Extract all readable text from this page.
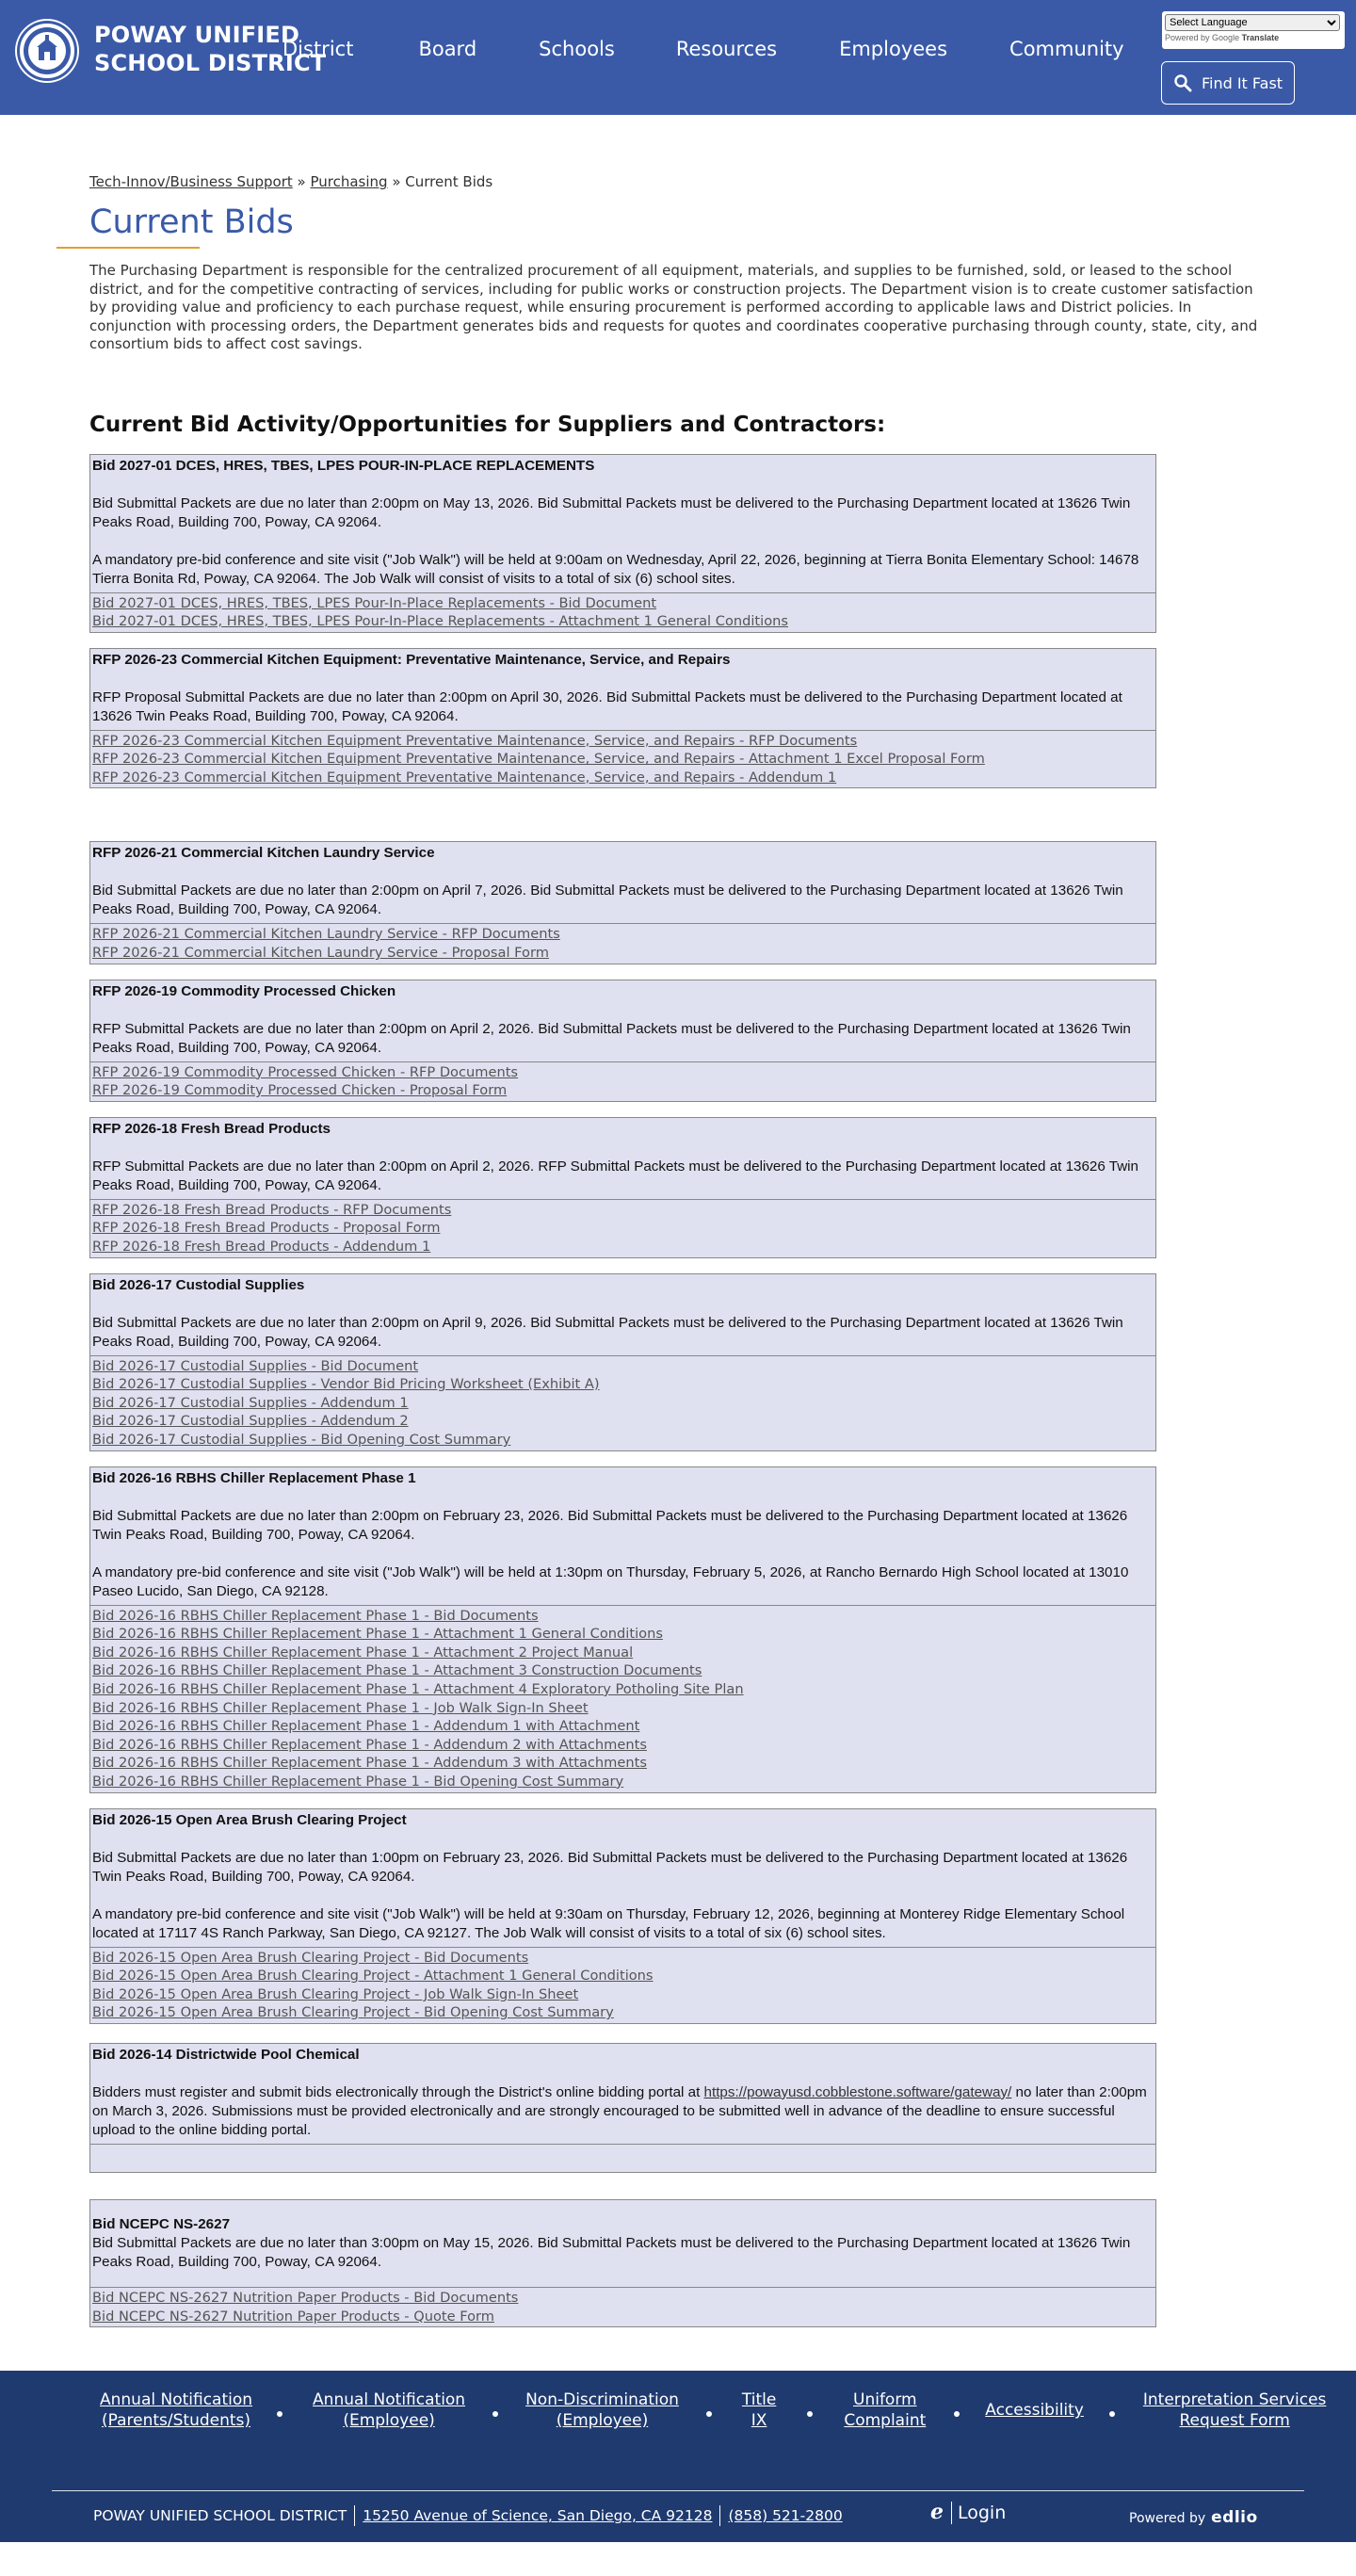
POWAY UNIFIED
SCHOOL DISTRICT
District	Board	Schools	Resources	Employees	Community
Select Language	Powered by Google Translate
Find It Fast
Tech-Innov/Business Support » Purchasing » Current Bids
Current Bids

The Purchasing Department is responsible for the centralized procurement of all equipment, materials, and supplies to be furnished, sold, or leased to the school district, and for the competitive contracting of services, including for public works or construction projects. The Department vision is to create customer satisfaction by providing value and proficiency to each purchase request, while ensuring procurement is performed according to applicable laws and District policies. In conjunction with processing orders, the Department generates bids and requests for quotes and coordinates cooperative purchasing through county, state, city, and consortium bids to affect cost savings.

Current Bid Activity/Opportunities for Suppliers and Contractors:
Bid 2027-01 DCES, HRES, TBES, LPES POUR-IN-PLACE REPLACEMENTS

Bid Submittal Packets are due no later than 2:00pm on May 13, 2026. Bid Submittal Packets must be delivered to the Purchasing Department located at 13626 Twin Peaks Road, Building 700, Poway, CA 92064.

A mandatory pre-bid conference and site visit ("Job Walk") will be held at 9:00am on Wednesday, April 22, 2026, beginning at Tierra Bonita Elementary School: 14678 Tierra Bonita Rd, Poway, CA 92064. The Job Walk will consist of visits to a total of six (6) school sites.

Bid 2027-01 DCES, HRES, TBES, LPES Pour-In-Place Replacements - Bid Document
Bid 2027-01 DCES, HRES, TBES, LPES Pour-In-Place Replacements - Attachment 1 General Conditions
RFP 2026-23 Commercial Kitchen Equipment: Preventative Maintenance, Service, and Repairs

RFP Proposal Submittal Packets are due no later than 2:00pm on April 30, 2026. Bid Submittal Packets must be delivered to the Purchasing Department located at 13626 Twin Peaks Road, Building 700, Poway, CA 92064.

RFP 2026-23 Commercial Kitchen Equipment Preventative Maintenance, Service, and Repairs - RFP Documents
RFP 2026-23 Commercial Kitchen Equipment Preventative Maintenance, Service, and Repairs - Attachment 1 Excel Proposal Form
RFP 2026-23 Commercial Kitchen Equipment Preventative Maintenance, Service, and Repairs - Addendum 1
RFP 2026-21 Commercial Kitchen Laundry Service

Bid Submittal Packets are due no later than 2:00pm on April 7, 2026. Bid Submittal Packets must be delivered to the Purchasing Department located at 13626 Twin Peaks Road, Building 700, Poway, CA 92064.

RFP 2026-21 Commercial Kitchen Laundry Service - RFP Documents
RFP 2026-21 Commercial Kitchen Laundry Service - Proposal Form
RFP 2026-19 Commodity Processed Chicken

RFP Submittal Packets are due no later than 2:00pm on April 2, 2026. Bid Submittal Packets must be delivered to the Purchasing Department located at 13626 Twin Peaks Road, Building 700, Poway, CA 92064.

RFP 2026-19 Commodity Processed Chicken - RFP Documents
RFP 2026-19 Commodity Processed Chicken - Proposal Form
RFP 2026-18 Fresh Bread Products

RFP Submittal Packets are due no later than 2:00pm on April 2, 2026. RFP Submittal Packets must be delivered to the Purchasing Department located at 13626 Twin Peaks Road, Building 700, Poway, CA 92064.

RFP 2026-18 Fresh Bread Products - RFP Documents
RFP 2026-18 Fresh Bread Products - Proposal Form
RFP 2026-18 Fresh Bread Products - Addendum 1
Bid 2026-17 Custodial Supplies

Bid Submittal Packets are due no later than 2:00pm on April 9, 2026. Bid Submittal Packets must be delivered to the Purchasing Department located at 13626 Twin Peaks Road, Building 700, Poway, CA 92064.

Bid 2026-17 Custodial Supplies - Bid Document
Bid 2026-17 Custodial Supplies - Vendor Bid Pricing Worksheet (Exhibit A)
Bid 2026-17 Custodial Supplies - Addendum 1
Bid 2026-17 Custodial Supplies - Addendum 2
Bid 2026-17 Custodial Supplies - Bid Opening Cost Summary
Bid 2026-16 RBHS Chiller Replacement Phase 1

Bid Submittal Packets are due no later than 2:00pm on February 23, 2026. Bid Submittal Packets must be delivered to the Purchasing Department located at 13626 Twin Peaks Road, Building 700, Poway, CA 92064.

A mandatory pre-bid conference and site visit ("Job Walk") will be held at 1:30pm on Thursday, February 5, 2026, at Rancho Bernardo High School located at 13010 Paseo Lucido, San Diego, CA 92128.

Bid 2026-16 RBHS Chiller Replacement Phase 1 - Bid Documents
Bid 2026-16 RBHS Chiller Replacement Phase 1 - Attachment 1 General Conditions
Bid 2026-16 RBHS Chiller Replacement Phase 1 - Attachment 2 Project Manual
Bid 2026-16 RBHS Chiller Replacement Phase 1 - Attachment 3 Construction Documents
Bid 2026-16 RBHS Chiller Replacement Phase 1 - Attachment 4 Exploratory Potholing Site Plan
Bid 2026-16 RBHS Chiller Replacement Phase 1 - Job Walk Sign-In Sheet
Bid 2026-16 RBHS Chiller Replacement Phase 1 - Addendum 1 with Attachment
Bid 2026-16 RBHS Chiller Replacement Phase 1 - Addendum 2 with Attachments
Bid 2026-16 RBHS Chiller Replacement Phase 1 - Addendum 3 with Attachments
Bid 2026-16 RBHS Chiller Replacement Phase 1 - Bid Opening Cost Summary
Bid 2026-15 Open Area Brush Clearing Project

Bid Submittal Packets are due no later than 1:00pm on February 23, 2026. Bid Submittal Packets must be delivered to the Purchasing Department located at 13626 Twin Peaks Road, Building 700, Poway, CA 92064.

A mandatory pre-bid conference and site visit ("Job Walk") will be held at 9:30am on Thursday, February 12, 2026, beginning at Monterey Ridge Elementary School located at 17117 4S Ranch Parkway, San Diego, CA 92127. The Job Walk will consist of visits to a total of six (6) school sites.

Bid 2026-15 Open Area Brush Clearing Project - Bid Documents
Bid 2026-15 Open Area Brush Clearing Project - Attachment 1 General Conditions
Bid 2026-15 Open Area Brush Clearing Project - Job Walk Sign-In Sheet
Bid 2026-15 Open Area Brush Clearing Project - Bid Opening Cost Summary
Bid 2026-14 Districtwide Pool Chemical

Bidders must register and submit bids electronically through the District's online bidding portal at https://powayusd.cobblestone.software/gateway/ no later than 2:00pm on March 3, 2026. Submissions must be provided electronically and are strongly encouraged to be submitted well in advance of the deadline to ensure successful upload to the online bidding portal.

Bid NCEPC NS-2627

Bid Submittal Packets are due no later than 3:00pm on May 15, 2026. Bid Submittal Packets must be delivered to the Purchasing Department located at 13626 Twin Peaks Road, Building 700, Poway, CA 92064.

Bid NCEPC NS-2627 Nutrition Paper Products - Bid Documents
Bid NCEPC NS-2627 Nutrition Paper Products - Quote Form
Annual Notification
(Parents/Students)
Annual Notification
(Employee)
Non-Discrimination
(Employee)
Title
IX
Uniform
Complaint
Accessibility
Interpretation Services
Request Form
POWAY UNIFIED SCHOOL DISTRICT 15250 Avenue of Science, San Diego, CA 92128 (858) 521-2800	ℯ Login	Powered by edlio
